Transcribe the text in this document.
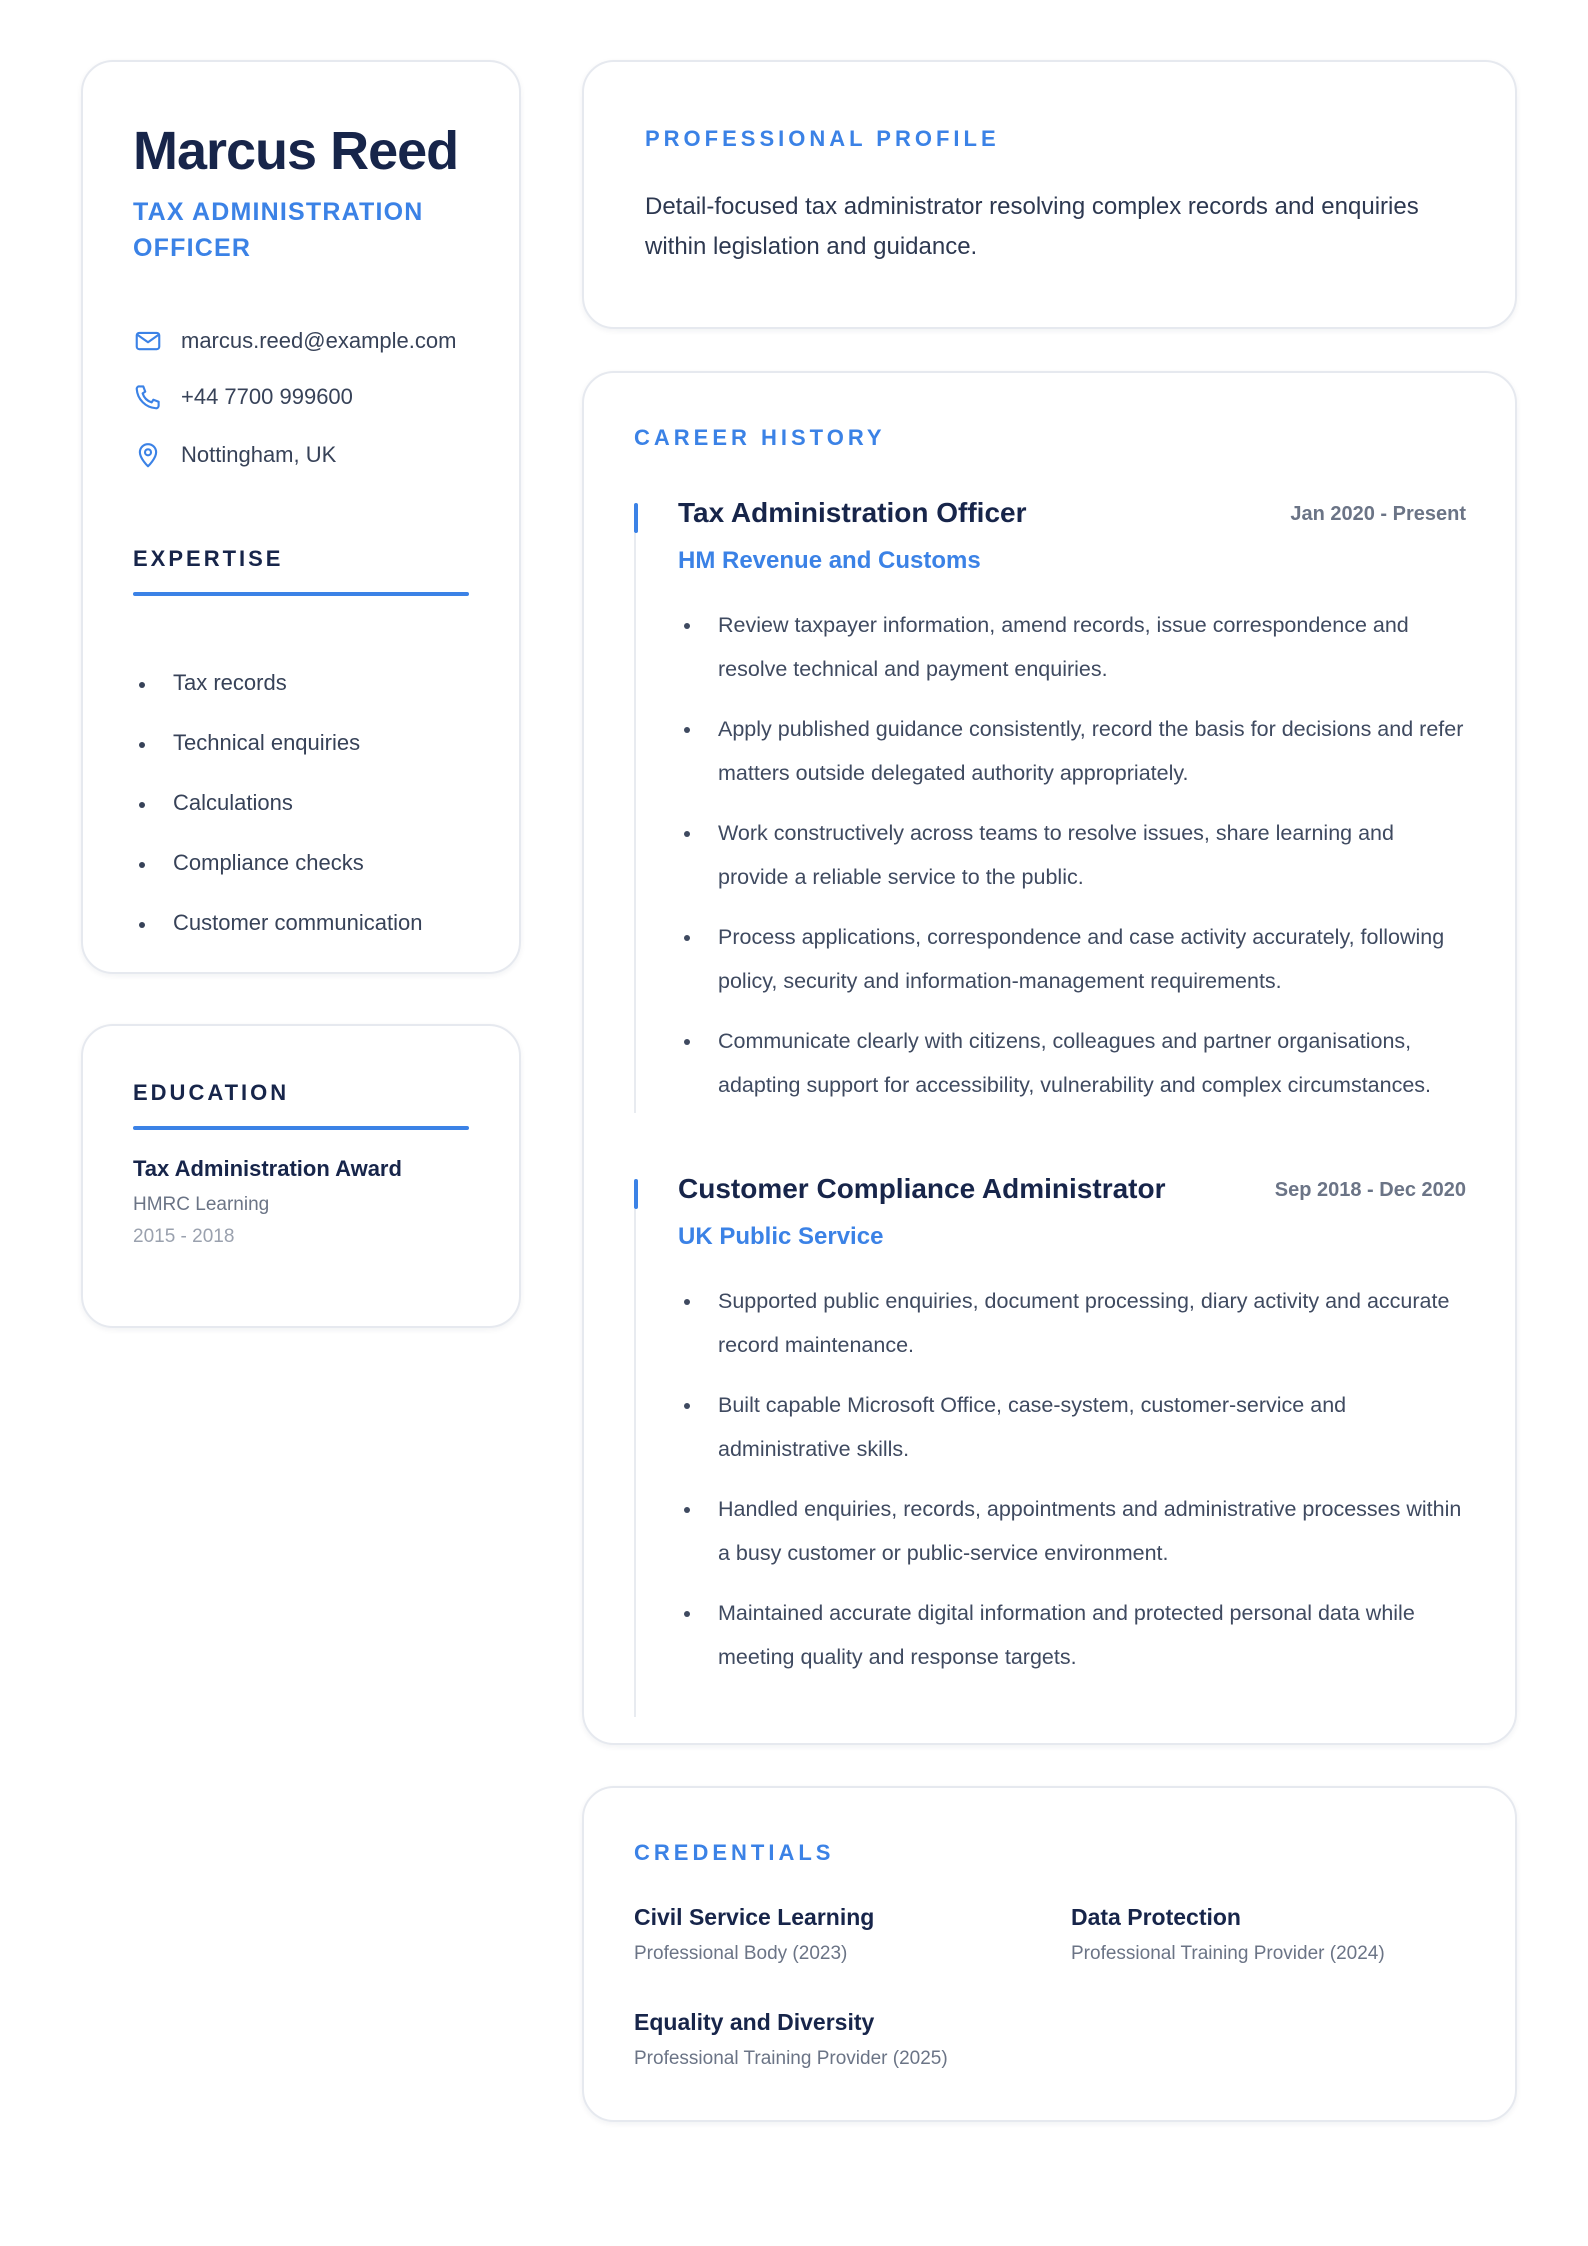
Marcus Reed
TAX ADMINISTRATION OFFICER
marcus.reed@example.com
+44 7700 999600
Nottingham, UK
EXPERTISE
Tax records
Technical enquiries
Calculations
Compliance checks
Customer communication
EDUCATION
Tax Administration Award
HMRC Learning
2015 - 2018
PROFESSIONAL PROFILE
Detail-focused tax administrator resolving complex records and enquiries within legislation and guidance.
CAREER HISTORY
Tax Administration Officer	Jan 2020 - Present
HM Revenue and Customs
Review taxpayer information, amend records, issue correspondence and resolve technical and payment enquiries.
Apply published guidance consistently, record the basis for decisions and refer matters outside delegated authority appropriately.
Work constructively across teams to resolve issues, share learning and provide a reliable service to the public.
Process applications, correspondence and case activity accurately, following policy, security and information-management requirements.
Communicate clearly with citizens, colleagues and partner organisations, adapting support for accessibility, vulnerability and complex circumstances.
Customer Compliance Administrator	Sep 2018 - Dec 2020
UK Public Service
Supported public enquiries, document processing, diary activity and accurate record maintenance.
Built capable Microsoft Office, case-system, customer-service and administrative skills.
Handled enquiries, records, appointments and administrative processes within a busy customer or public-service environment.
Maintained accurate digital information and protected personal data while meeting quality and response targets.
CREDENTIALS
Civil Service Learning
Professional Body (2023)
Data Protection
Professional Training Provider (2024)
Equality and Diversity
Professional Training Provider (2025)
